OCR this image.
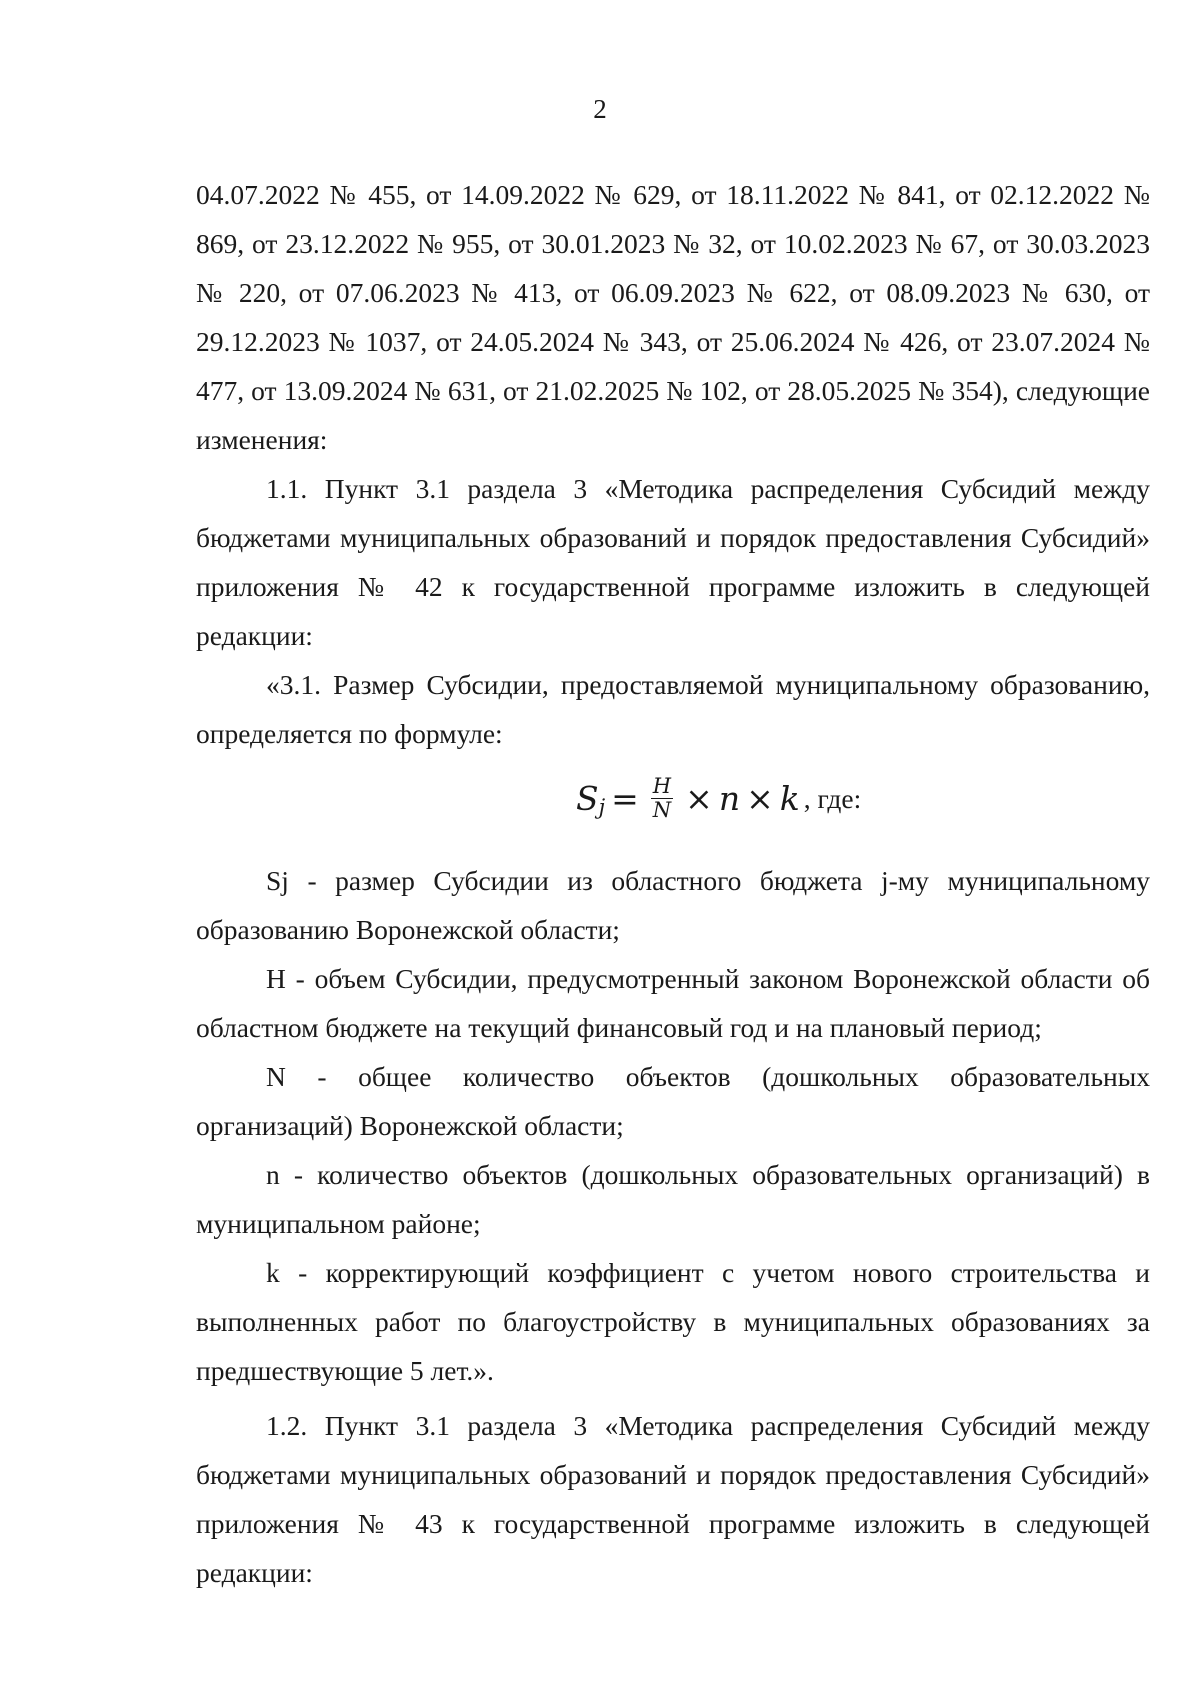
2

04.07.2022 № 455, от 14.09.2022 № 629, от 18.11.2022 № 841, от 02.12.2022 № 869, от 23.12.2022 № 955, от 30.01.2023 № 32, от 10.02.2023 № 67, от 30.03.2023 № 220, от 07.06.2023 № 413, от 06.09.2023 № 622, от 08.09.2023 № 630, от 29.12.2023 № 1037, от 24.05.2024 № 343, от 25.06.2024 № 426, от 23.07.2024 № 477, от 13.09.2024 № 631, от 21.02.2025 № 102, от 28.05.2025 № 354), следующие изменения:

1.1. Пункт 3.1 раздела 3 «Методика распределения Субсидий между бюджетами муниципальных образований и порядок предоставления Субсидий» приложения № 42 к государственной программе изложить в следующей редакции:

«3.1. Размер Субсидии, предоставляемой муниципальному образованию, определяется по формуле:

S $j = \frac{H}{N} \times n \times k$ , где:

Sj - размер Субсидии из областного бюджета j-му муниципальному образованию Воронежской области;

H - объем Субсидии, предусмотренный законом Воронежской области об областном бюджете на текущий финансовый год и на плановый период;

N - общее количество объектов (дошкольных образовательных организаций) Воронежской области;

n - количество объектов (дошкольных образовательных организаций) в муниципальном районе;

k - корректирующий коэффициент с учетом нового строительства и выполненных работ по благоустройству в муниципальных образованиях за предшествующие 5 лет.».

1.2. Пункт 3.1 раздела 3 «Методика распределения Субсидий между бюджетами муниципальных образований и порядок предоставления Субсидий» приложения № 43 к государственной программе изложить в следующей редакции:
